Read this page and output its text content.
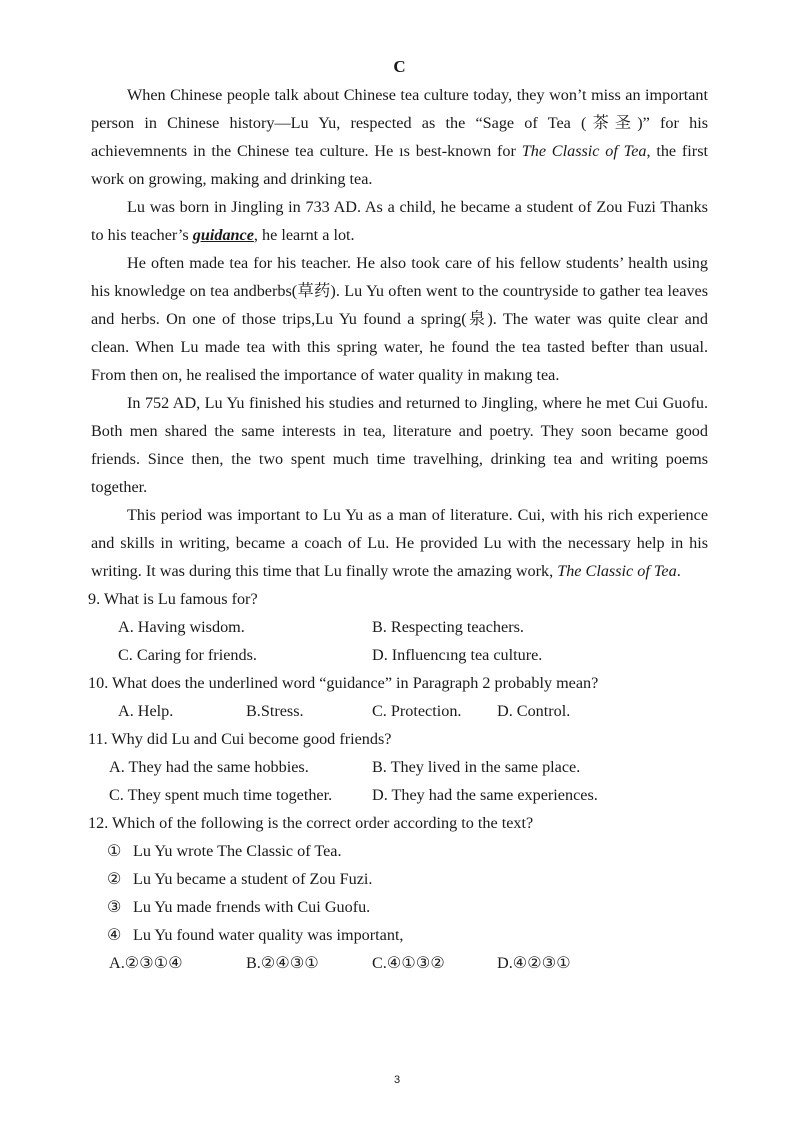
C

When Chinese people talk about Chinese tea culture today, they won’t miss an important person in Chinese history—Lu Yu, respected as the “Sage of Tea (茶圣)” for his achievemnents in the Chinese tea culture. He ıs best-known for The Classic of Tea, the first work on growing, making and drinking tea.

Lu was born in Jingling in 733 AD. As a child, he became a student of Zou Fuzi Thanks to his teacher’s guidance, he learnt a lot.

He often made tea for his teacher. He also took care of his fellow students’ health using his knowledge on tea andberbs(草药). Lu Yu often went to the countryside to gather tea leaves and herbs. On one of those trips,Lu Yu found a spring(泉). The water was quite clear and clean. When Lu made tea with this spring water, he found the tea tasted befter than usual. From then on, he realised the importance of water quality in makıng tea.

In 752 AD, Lu Yu finished his studies and returned to Jingling, where he met Cui Guofu. Both men shared the same interests in tea, literature and poetry. They soon became good friends. Since then, the two spent much time travelhing, drinking tea and writing poems together.

This period was important to Lu Yu as a man of literature. Cui, with his rich experience and skills in writing, became a coach of Lu. He provided Lu with the necessary help in his writing. It was during this time that Lu finally wrote the amazing work, The Classic of Tea.

9. What is Lu famous for?

A. Having wisdom.	B. Respecting teachers.
C. Caring for friends.	D. Influencıng tea culture.

10. What does the underlined word “guidance” in Paragraph 2 probably mean?

A. Help.	B.Stress.	C. Protection. D. Control.

11. Why did Lu and Cui become good friends?

A. They had the same hobbies.	B. They lived in the same place.
C. They spent much time together. D. They had the same experiences.

12. Which of the following is the correct order according to the text?

① Lu Yu wrote The Classic of Tea.

② Lu Yu became a student of Zou Fuzi.

③ Lu Yu made frıends with Cui Guofu.

④ Lu Yu found water quality was important,

A.②③①④	B.②④③①	C.④①③②	D.④②③①
3
